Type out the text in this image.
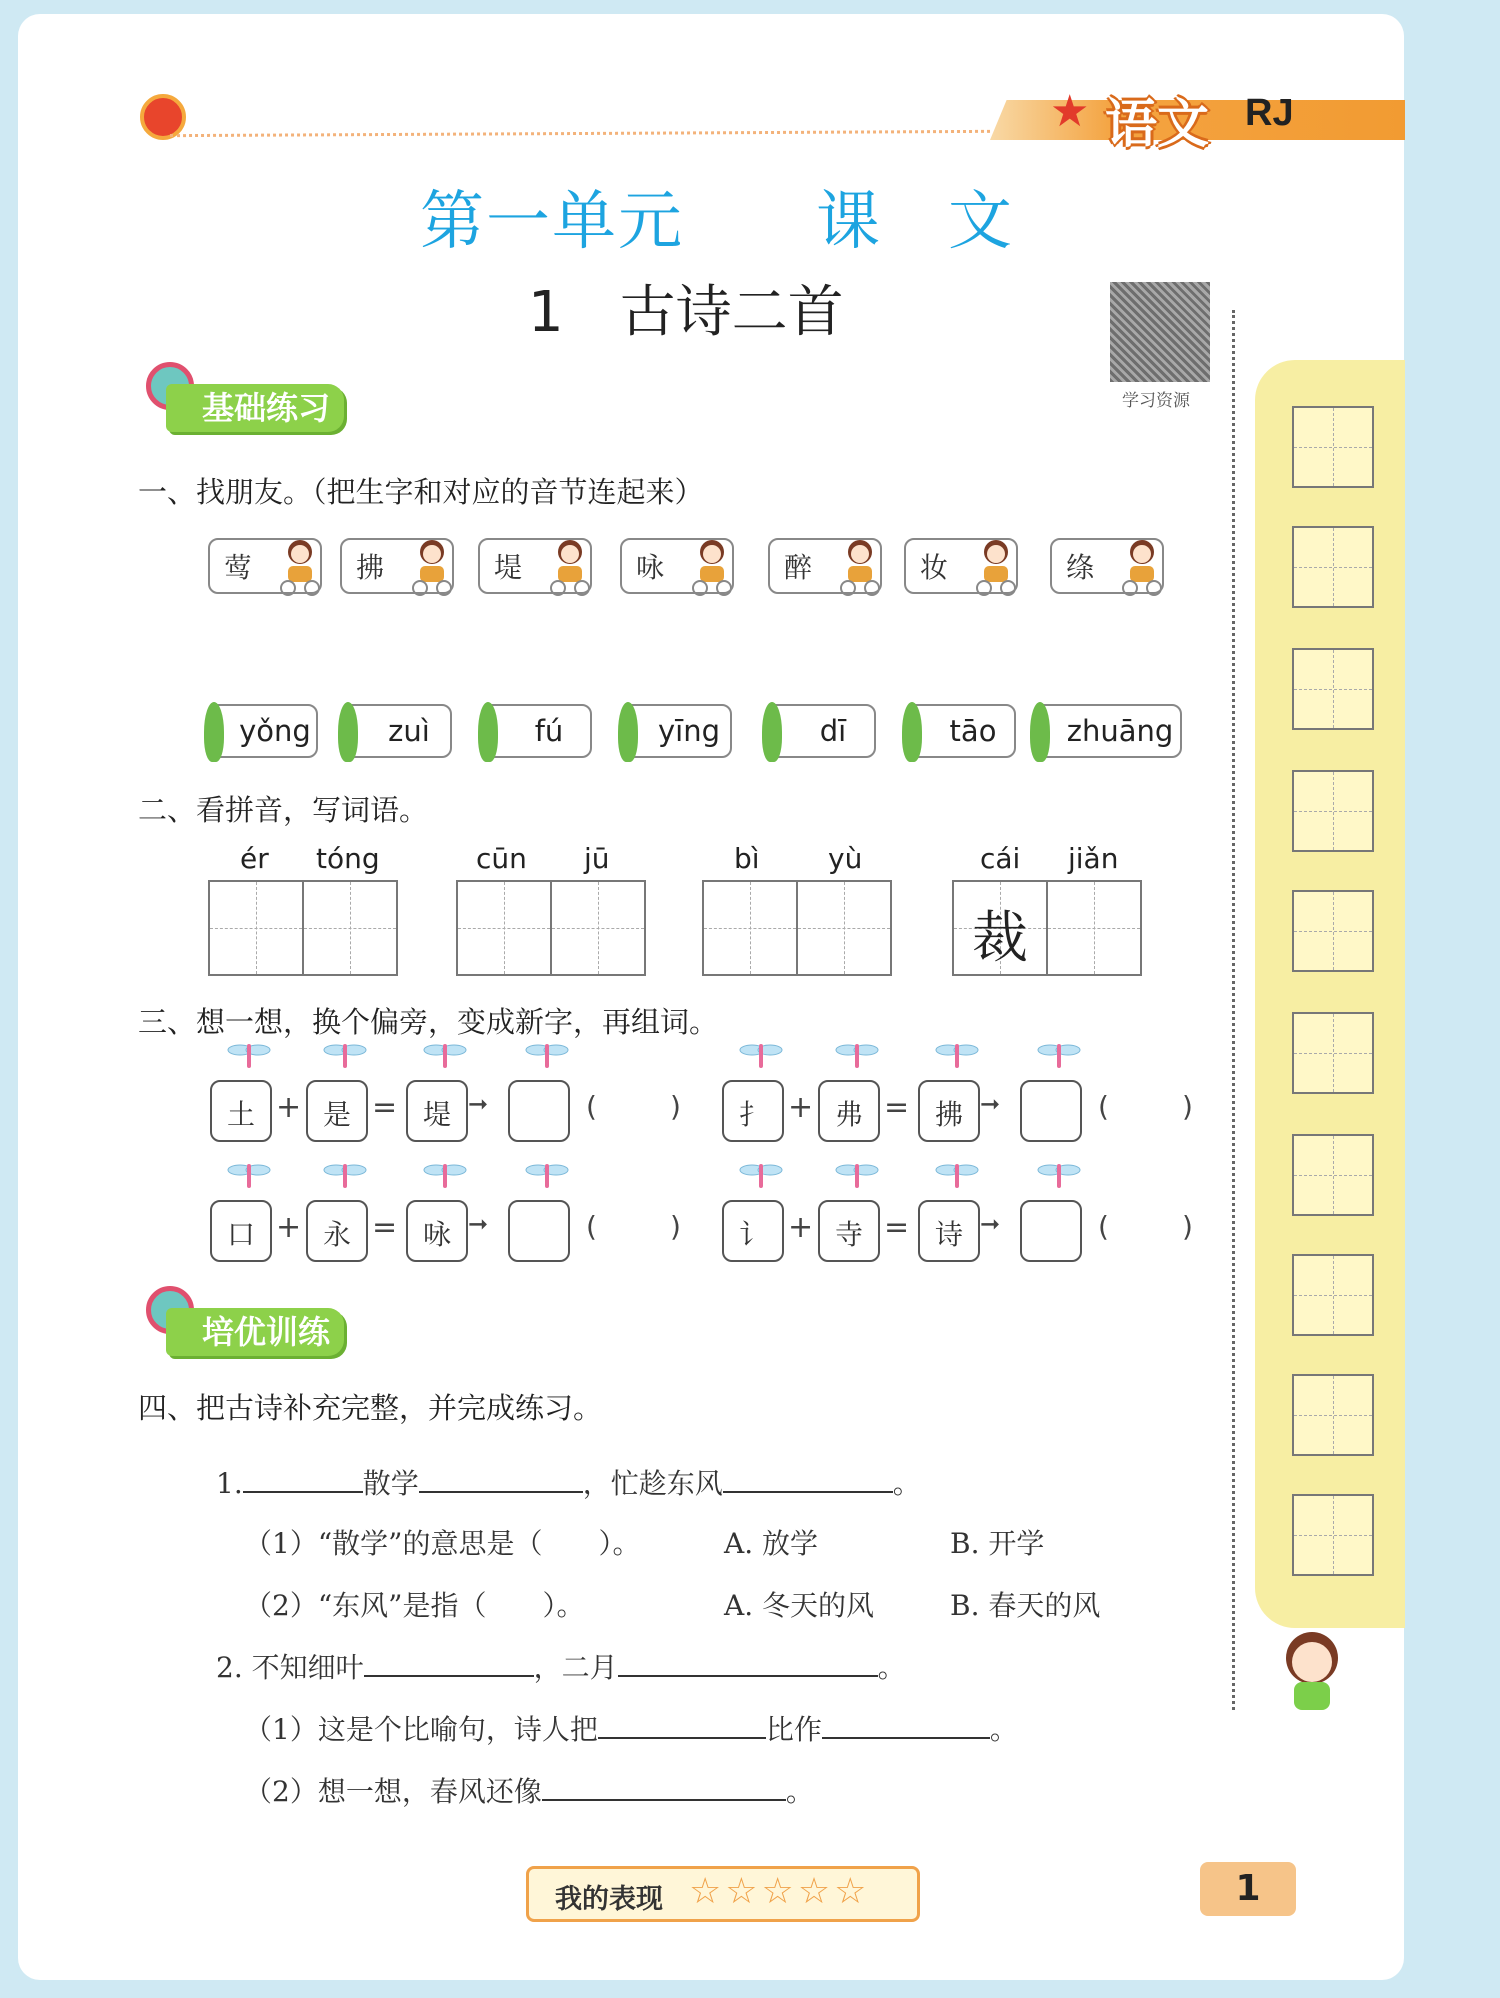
★ 语文 RJ
第一单元　　课　文
1　古诗二首
学习资源
基础练习
一、找朋友。（把生字和对应的音节连起来）
莺	拂	堤	咏	醉	妆	绦
yǒng	zuì	fú	yīng	dī	tāo	zhuāng
二、看拼音，写词语。
ér tóng	cūn jū	bì yù	cái jiǎn
裁
三、想一想，换个偏旁，变成新字，再组词。
土 + 是 = 堤 ➞	(	)	扌 + 弗 = 拂 ➞	(	)
口 + 永 = 咏 ➞	(	)	讠 + 寺 = 诗 ➞	(	)
培优训练
四、把古诗补充完整，并完成练习。
1.	散学	，忙趁东风	。
（1）“散学”的意思是（　　）。	A. 放学	B. 开学
（2）“东风”是指（　　）。	A. 冬天的风	B. 春天的风
2. 不知细叶	，二月	。
（1）这是个比喻句，诗人把	比作	。
（2）想一想，春风还像	。
我的表现 ☆☆☆☆☆	1
